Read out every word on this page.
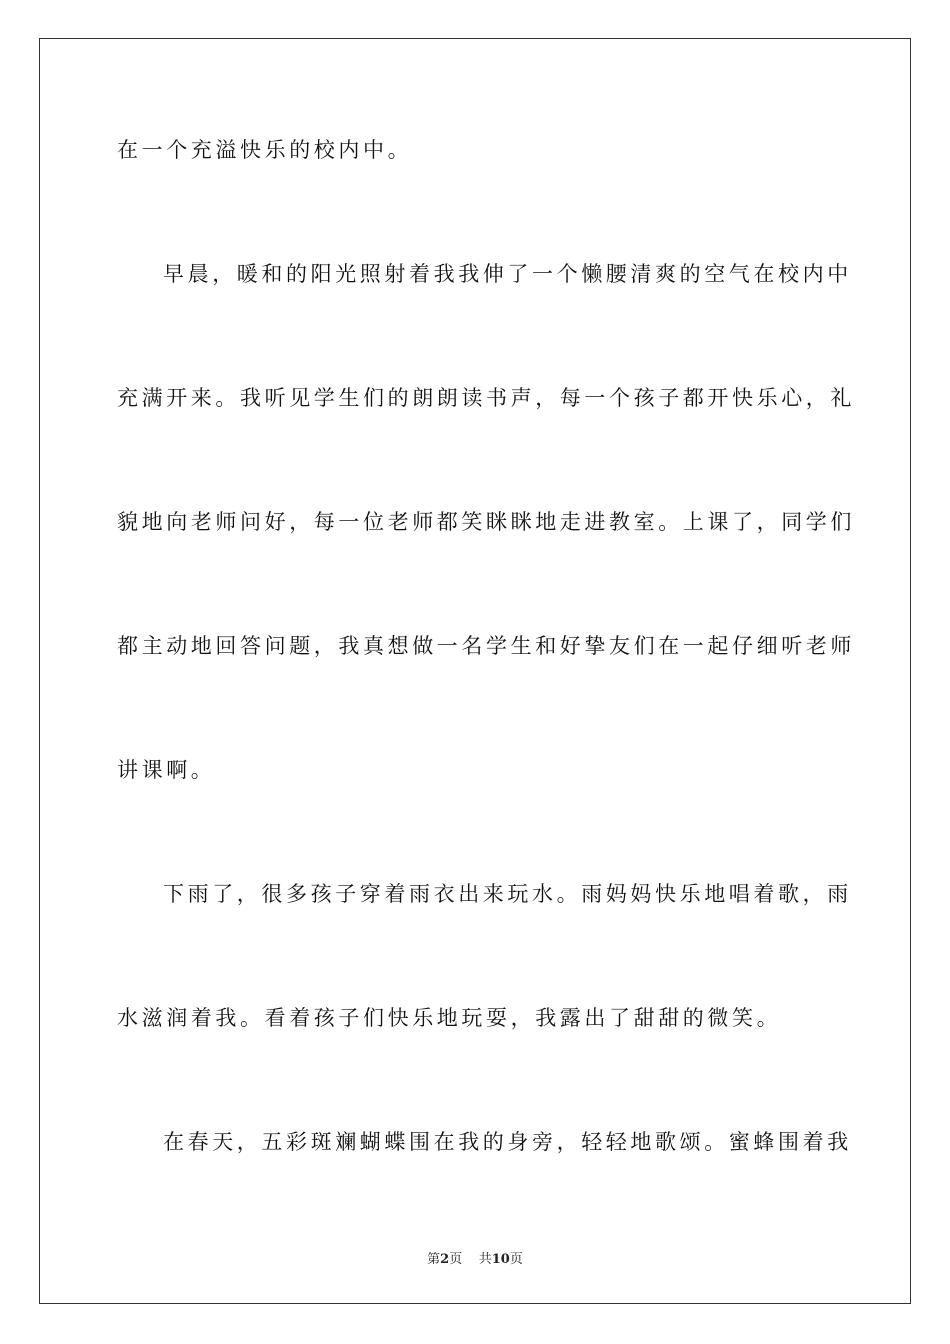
在一个充溢快乐的校内中。
早晨，暖和的阳光照射着我我伸了一个懒腰清爽的空气在校内中
充满开来。我听见学生们的朗朗读书声，每一个孩子都开快乐心，礼
貌地向老师问好，每一位老师都笑眯眯地走进教室。上课了，同学们
都主动地回答问题，我真想做一名学生和好挚友们在一起仔细听老师
讲课啊。
下雨了，很多孩子穿着雨衣出来玩水。雨妈妈快乐地唱着歌，雨
水滋润着我。看着孩子们快乐地玩耍，我露出了甜甜的微笑。
在春天，五彩斑斓蝴蝶围在我的身旁，轻轻地歌颂。蜜蜂围着我
第2页 共10页
